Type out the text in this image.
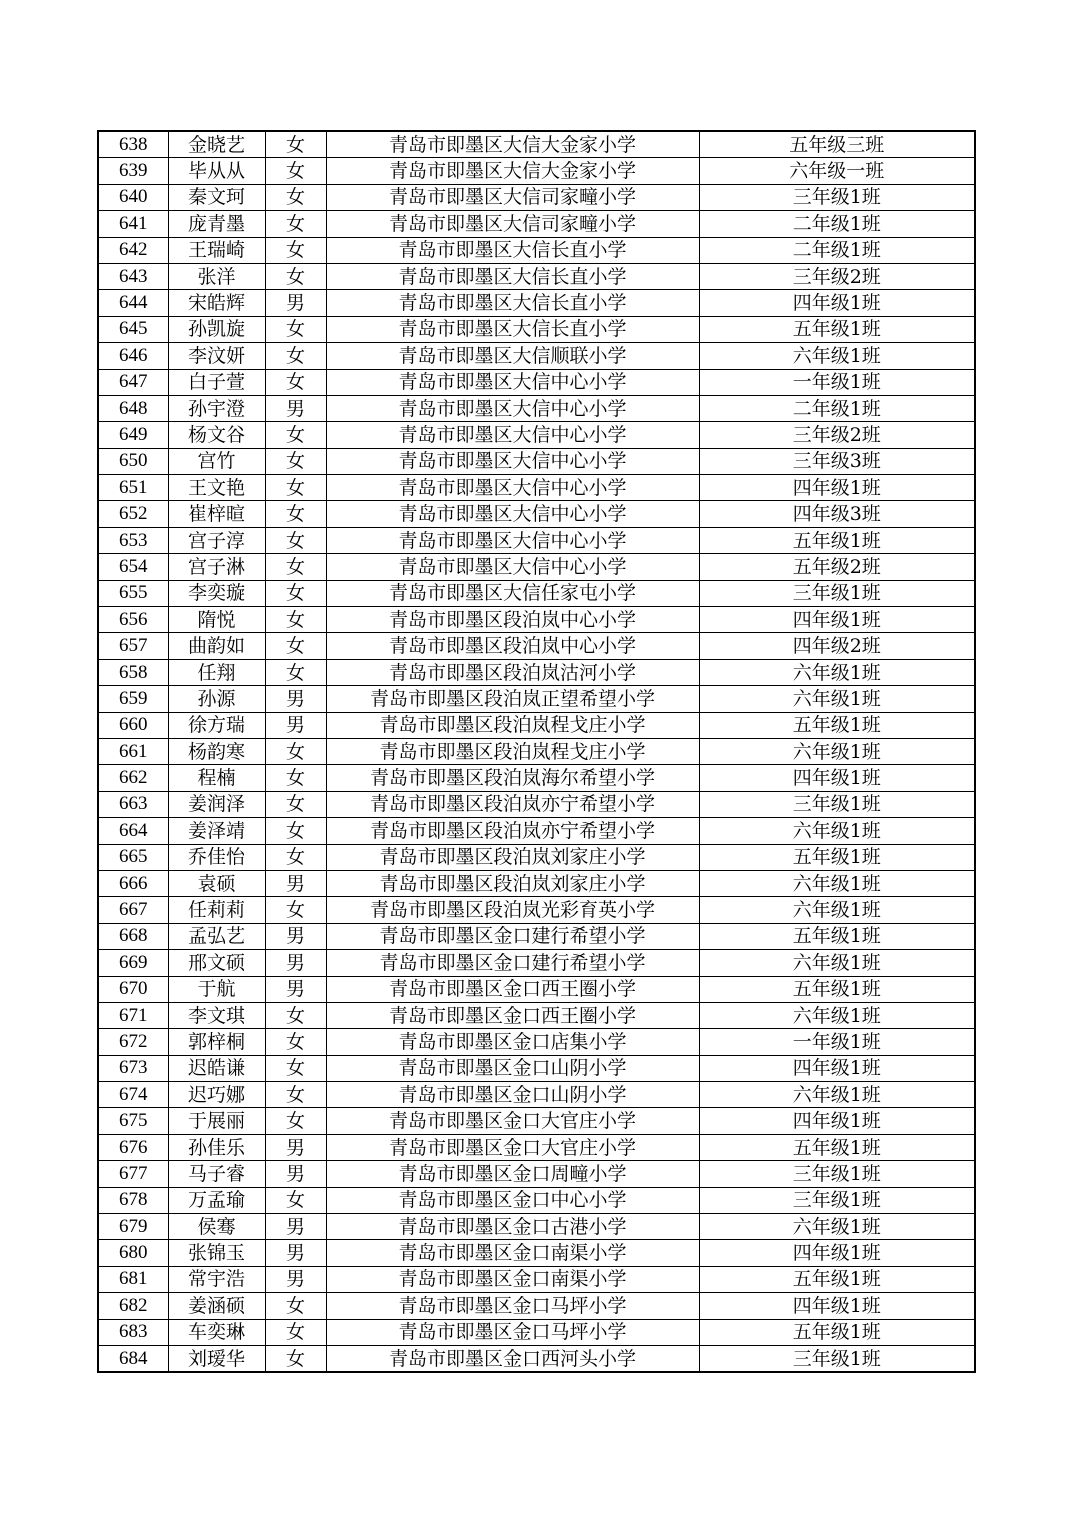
638	金晓艺	女	青岛市即墨区大信大金家小学	五年级三班
639	毕从从	女	青岛市即墨区大信大金家小学	六年级一班
640	秦文珂	女	青岛市即墨区大信司家疃小学	三年级1班
641	庞青墨	女	青岛市即墨区大信司家疃小学	二年级1班
642	王瑞崎	女	青岛市即墨区大信长直小学	二年级1班
643	张洋	女	青岛市即墨区大信长直小学	三年级2班
644	宋皓辉	男	青岛市即墨区大信长直小学	四年级1班
645	孙凯旋	女	青岛市即墨区大信长直小学	五年级1班
646	李汶妍	女	青岛市即墨区大信顺联小学	六年级1班
647	白子萱	女	青岛市即墨区大信中心小学	一年级1班
648	孙宇澄	男	青岛市即墨区大信中心小学	二年级1班
649	杨文谷	女	青岛市即墨区大信中心小学	三年级2班
650	宫竹	女	青岛市即墨区大信中心小学	三年级3班
651	王文艳	女	青岛市即墨区大信中心小学	四年级1班
652	崔梓暄	女	青岛市即墨区大信中心小学	四年级3班
653	宫子淳	女	青岛市即墨区大信中心小学	五年级1班
654	宫子淋	女	青岛市即墨区大信中心小学	五年级2班
655	李奕璇	女	青岛市即墨区大信任家屯小学	三年级1班
656	隋悦	女	青岛市即墨区段泊岚中心小学	四年级1班
657	曲韵如	女	青岛市即墨区段泊岚中心小学	四年级2班
658	任翔	女	青岛市即墨区段泊岚沽河小学	六年级1班
659	孙源	男	青岛市即墨区段泊岚正望希望小学	六年级1班
660	徐方瑞	男	青岛市即墨区段泊岚程戈庄小学	五年级1班
661	杨韵寒	女	青岛市即墨区段泊岚程戈庄小学	六年级1班
662	程楠	女	青岛市即墨区段泊岚海尔希望小学	四年级1班
663	姜润泽	女	青岛市即墨区段泊岚亦宁希望小学	三年级1班
664	姜泽靖	女	青岛市即墨区段泊岚亦宁希望小学	六年级1班
665	乔佳怡	女	青岛市即墨区段泊岚刘家庄小学	五年级1班
666	袁硕	男	青岛市即墨区段泊岚刘家庄小学	六年级1班
667	任莉莉	女	青岛市即墨区段泊岚光彩育英小学	六年级1班
668	孟弘艺	男	青岛市即墨区金口建行希望小学	五年级1班
669	邢文硕	男	青岛市即墨区金口建行希望小学	六年级1班
670	于航	男	青岛市即墨区金口西王圈小学	五年级1班
671	李文琪	女	青岛市即墨区金口西王圈小学	六年级1班
672	郭梓桐	女	青岛市即墨区金口店集小学	一年级1班
673	迟皓谦	女	青岛市即墨区金口山阴小学	四年级1班
674	迟巧娜	女	青岛市即墨区金口山阴小学	六年级1班
675	于展丽	女	青岛市即墨区金口大官庄小学	四年级1班
676	孙佳乐	男	青岛市即墨区金口大官庄小学	五年级1班
677	马子睿	男	青岛市即墨区金口周疃小学	三年级1班
678	万孟瑜	女	青岛市即墨区金口中心小学	三年级1班
679	侯骞	男	青岛市即墨区金口古港小学	六年级1班
680	张锦玉	男	青岛市即墨区金口南渠小学	四年级1班
681	常宇浩	男	青岛市即墨区金口南渠小学	五年级1班
682	姜涵硕	女	青岛市即墨区金口马坪小学	四年级1班
683	车奕琳	女	青岛市即墨区金口马坪小学	五年级1班
684	刘瑷华	女	青岛市即墨区金口西河头小学	三年级1班
